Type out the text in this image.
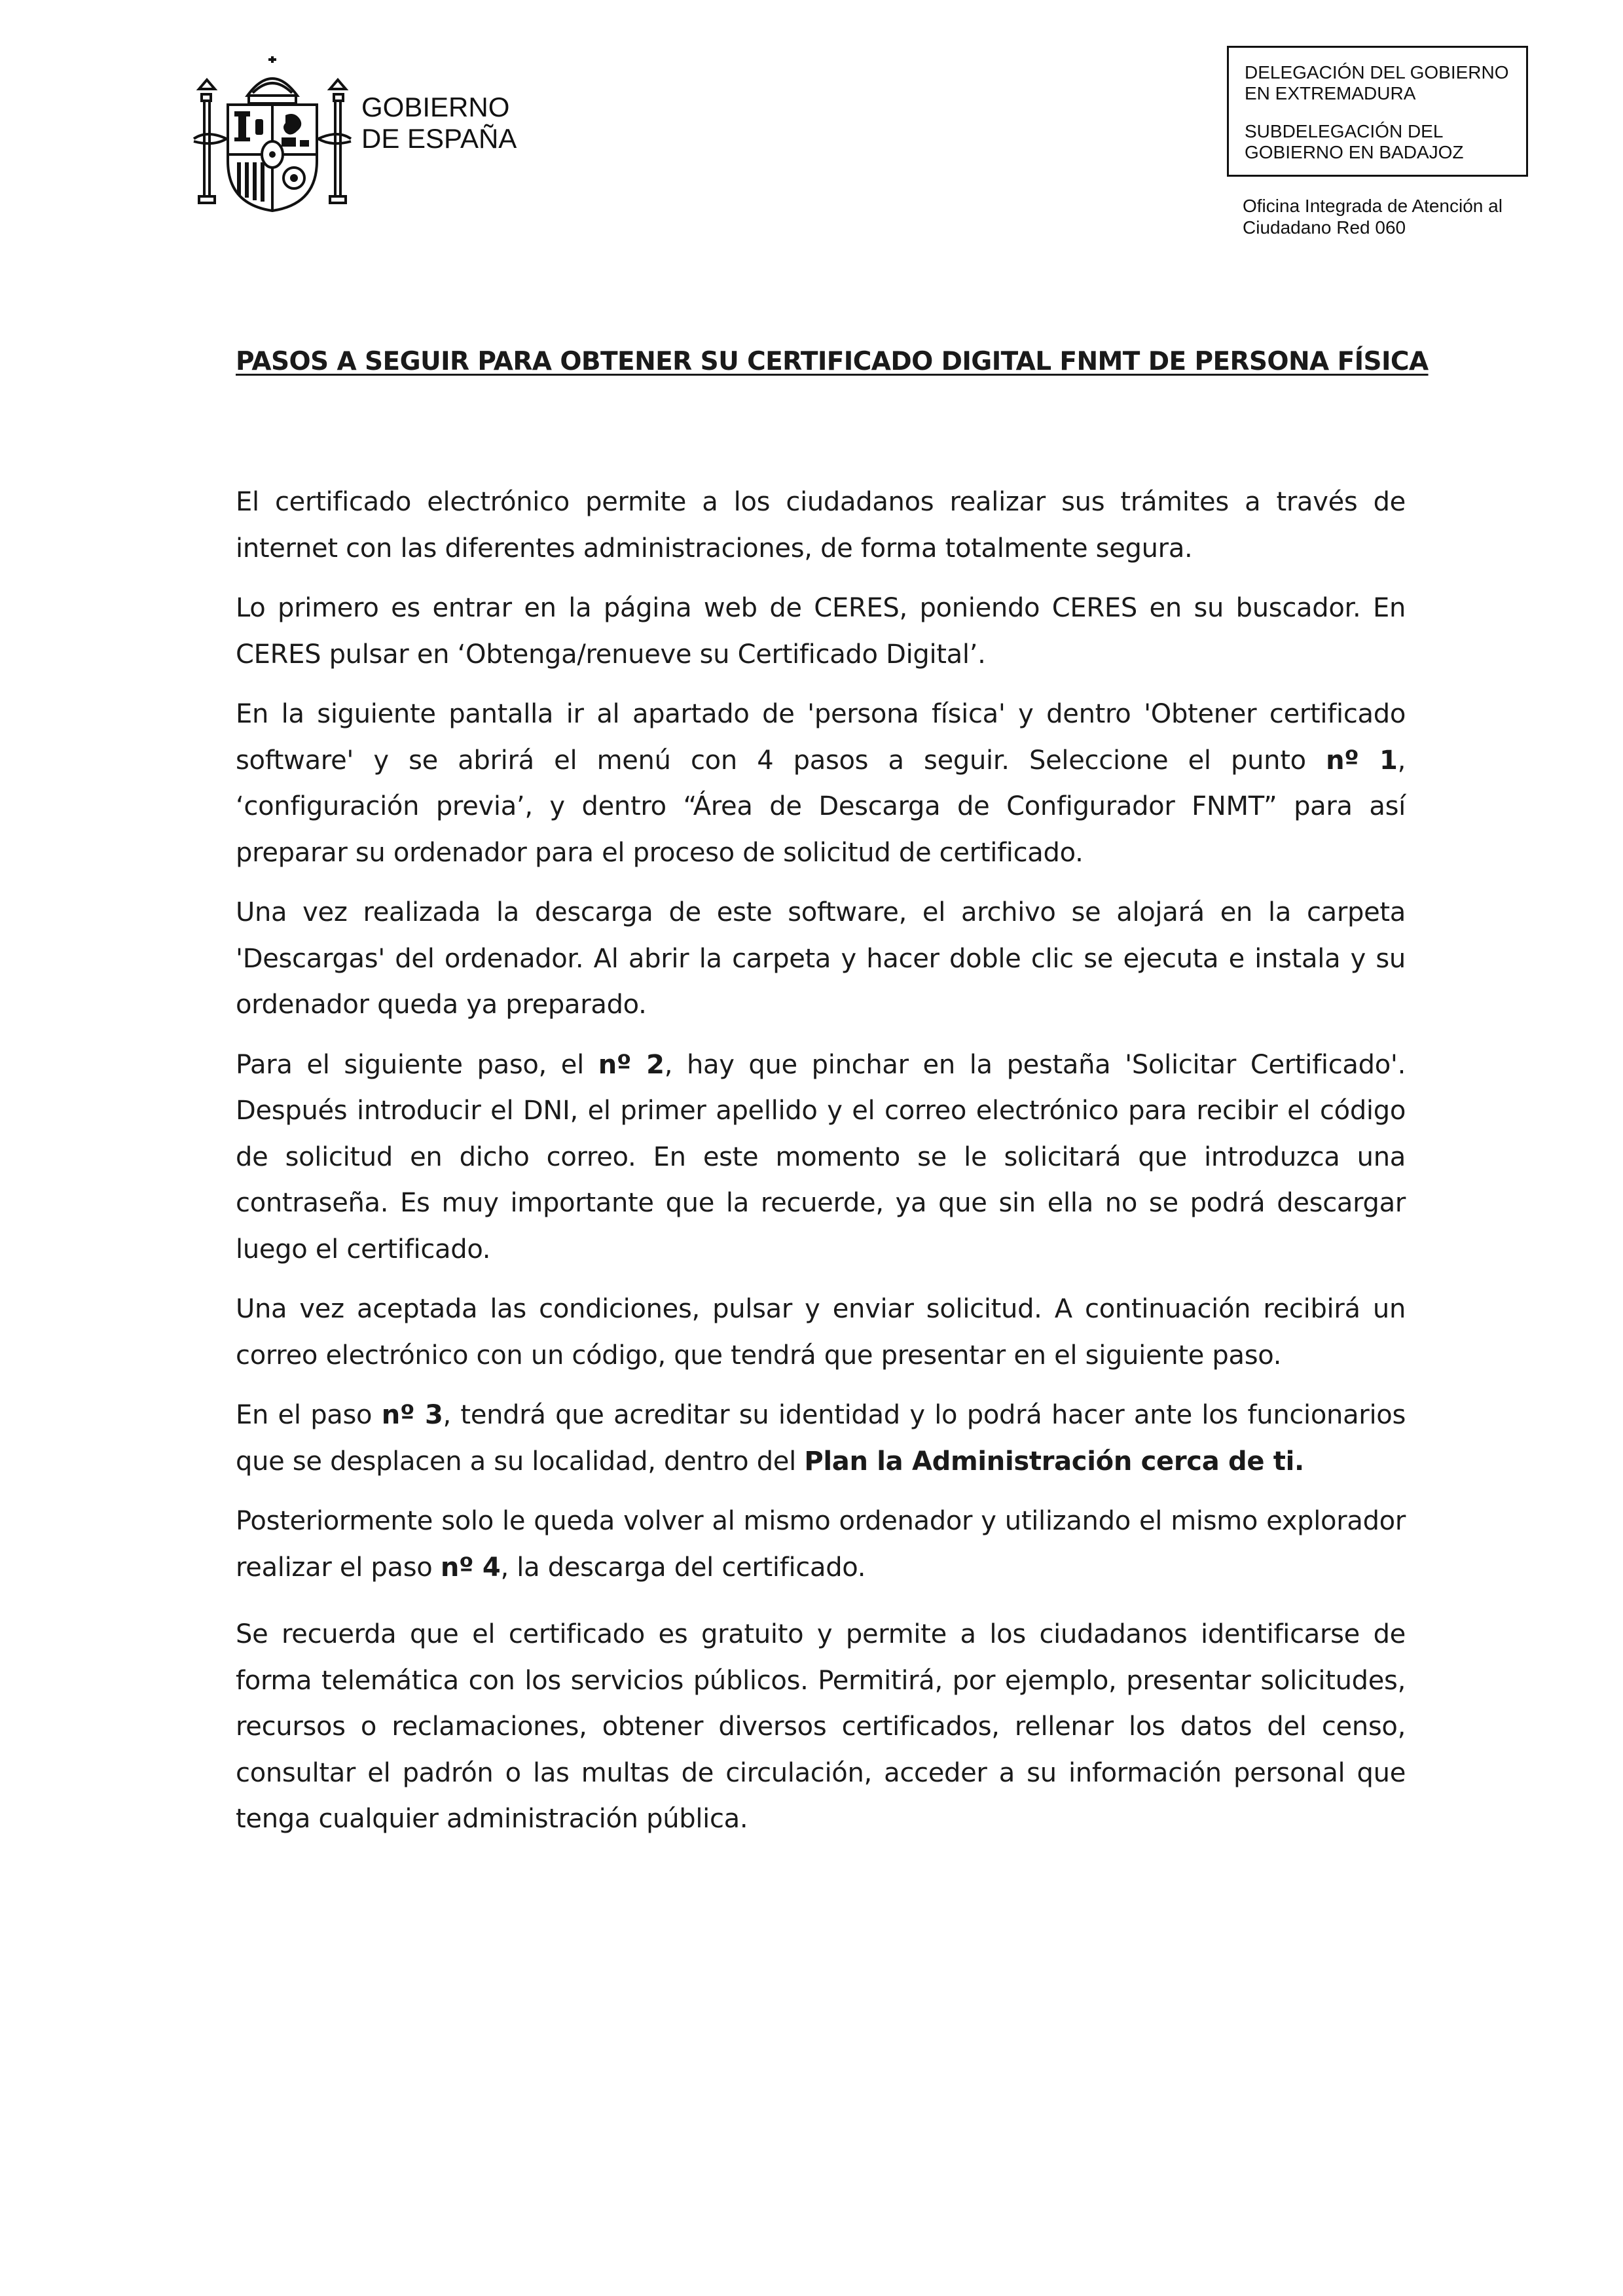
GOBIERNO
DE ESPAÑA

DELEGACIÓN DEL GOBIERNO

EN EXTREMADURA

SUBDELEGACIÓN DEL

GOBIERNO EN BADAJOZ

Oficina Integrada de Atención al
Ciudadano Red 060
PASOS A SEGUIR PARA OBTENER SU CERTIFICADO DIGITAL FNMT DE PERSONA FÍSICA

El certificado electrónico permite a los ciudadanos realizar sus trámites a través de internet con las diferentes administraciones, de forma totalmente segura.

Lo primero es entrar en la página web de CERES, poniendo CERES en su buscador. En CERES pulsar en ‘Obtenga/renueve su Certificado Digital’.

En la siguiente pantalla ir al apartado de 'persona física' y dentro 'Obtener certificado software' y se abrirá el menú con 4 pasos a seguir. Seleccione el punto nº 1, ‘configuración previa’, y dentro “Área de Descarga de Configurador FNMT” para así preparar su ordenador para el proceso de solicitud de certificado.

Una vez realizada la descarga de este software, el archivo se alojará en la carpeta 'Descargas' del ordenador. Al abrir la carpeta y hacer doble clic se ejecuta e instala y su ordenador queda ya preparado.

Para el siguiente paso, el nº 2, hay que pinchar en la pestaña 'Solicitar Certificado'. Después introducir el DNI, el primer apellido y el correo electrónico para recibir el código de solicitud en dicho correo. En este momento se le solicitará que introduzca una contraseña. Es muy importante que la recuerde, ya que sin ella no se podrá descargar luego el certificado.

Una vez aceptada las condiciones, pulsar y enviar solicitud. A continuación recibirá un correo electrónico con un código, que tendrá que presentar en el siguiente paso.

En el paso nº 3, tendrá que acreditar su identidad y lo podrá hacer ante los funcionarios que se desplacen a su localidad, dentro del Plan la Administración cerca de ti.

Posteriormente solo le queda volver al mismo ordenador y utilizando el mismo explorador realizar el paso nº 4, la descarga del certificado.

Se recuerda que el certificado es gratuito y permite a los ciudadanos identificarse de forma telemática con los servicios públicos. Permitirá, por ejemplo, presentar solicitudes, recursos o reclamaciones, obtener diversos certificados, rellenar los datos del censo, consultar el padrón o las multas de circulación, acceder a su información personal que tenga cualquier administración pública.
